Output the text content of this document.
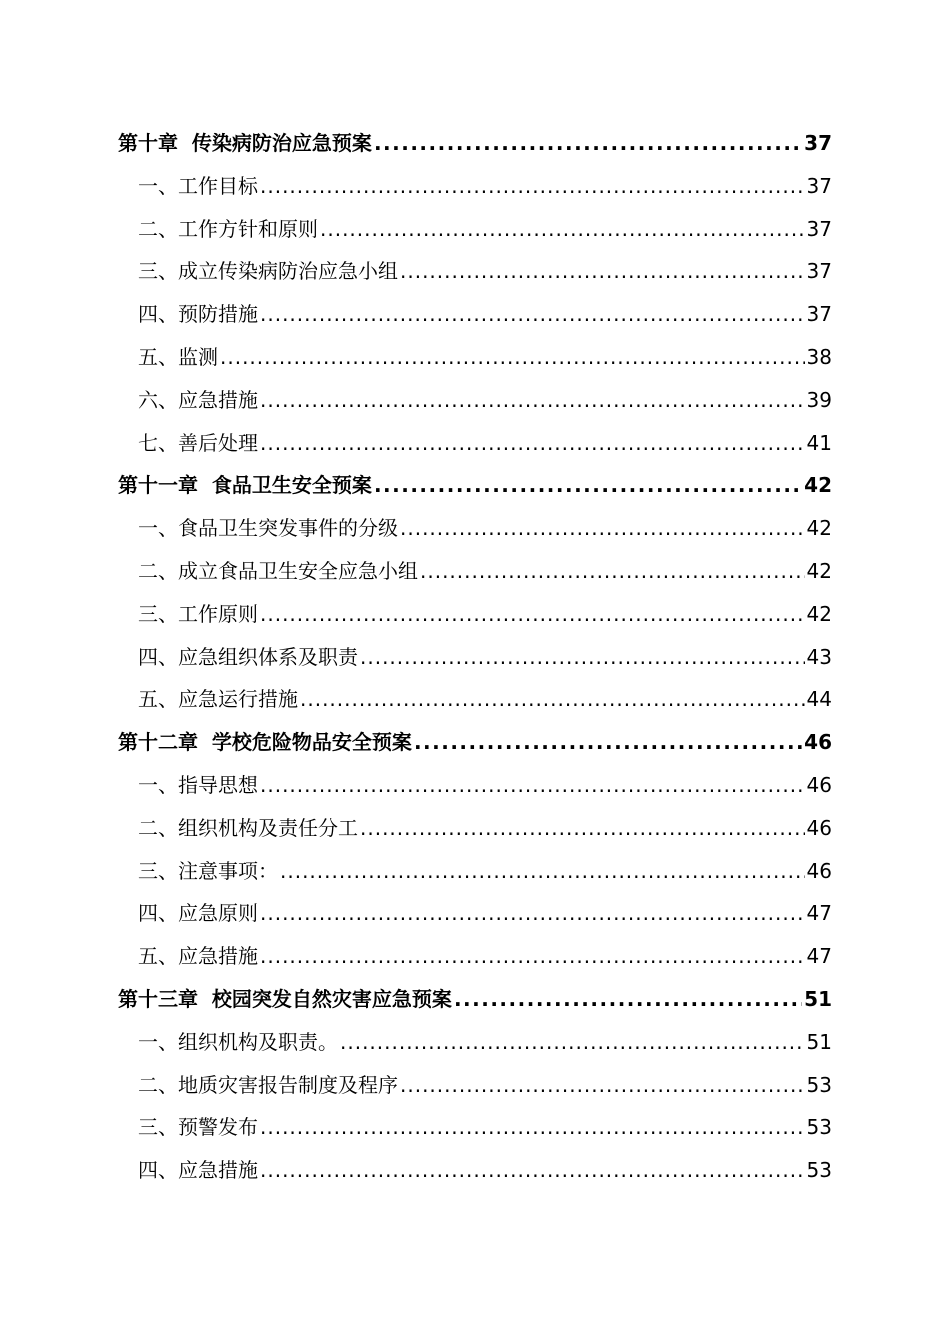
第十章  传染病防治应急预案 .....	37
一、工作目标 .....	37
二、工作方针和原则 .....	37
三、成立传染病防治应急小组 .....	37
四、预防措施 .....	37
五、监测 .....	38
六、应急措施 .....	39
七、善后处理 .....	41
第十一章  食品卫生安全预案 .....	42
一、食品卫生突发事件的分级 .....	42
二、成立食品卫生安全应急小组 .....	42
三、工作原则 .....	42
四、应急组织体系及职责 .....	43
五、应急运行措施 .....	44
第十二章  学校危险物品安全预案 .....	46
一、指导思想 .....	46
二、组织机构及责任分工 .....	46
三、注意事项： .....	46
四、应急原则 .....	47
五、应急措施 .....	47
第十三章  校园突发自然灾害应急预案 .....	51
一、组织机构及职责。 .....	51
二、地质灾害报告制度及程序 .....	53
三、预警发布 .....	53
四、应急措施 .....	53
